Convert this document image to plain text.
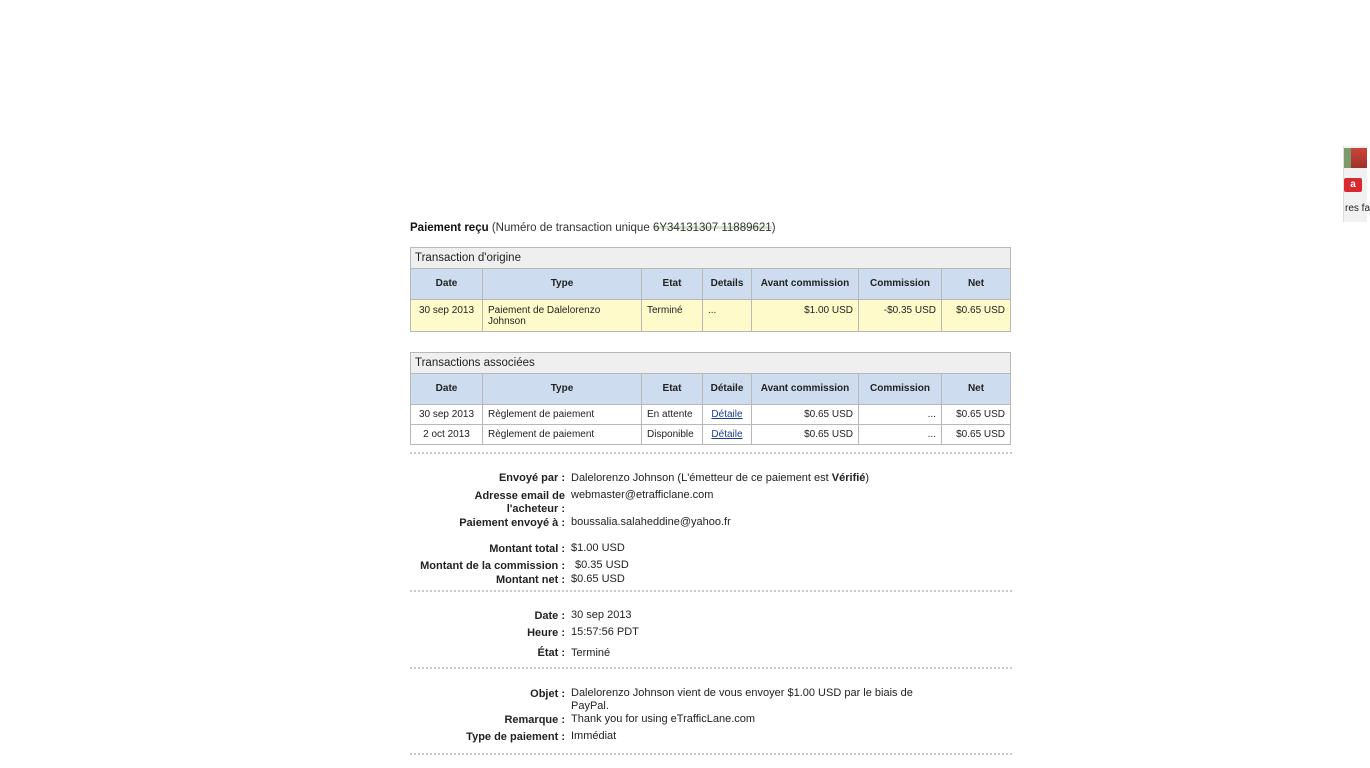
Paiement reçu (Numéro de transaction unique 6Y34131307 11889621)
Transaction d'origine						
Date	Type	Etat	Details	Avant commission	Commission	Net
30 sep 2013	Paiement de Dalelorenzo Johnson	Terminé	...	$1.00 USD	-$0.35 USD	$0.65 USD
Transactions associées						
Date	Type	Etat	Détaile	Avant commission	Commission	Net
30 sep 2013	Règlement de paiement	En attente	Détaile	$0.65 USD	...	$0.65 USD
2 oct 2013	Règlement de paiement	Disponible	Détaile	$0.65 USD	...	$0.65 USD
Envoyé par : Dalelorenzo Johnson (L'émetteur de ce paiement est Vérifié)
Adresse email de
l'acheteur :
webmaster@etrafficlane.com
Paiement envoyé à : boussalia.salaheddine@yahoo.fr
Montant total : $1.00 USD
Montant de la commission : $0.35 USD
Montant net : $0.65 USD
Date : 30 sep 2013
Heure : 15:57:56 PDT
État : Terminé
Objet : Dalelorenzo Johnson vient de vous envoyer $1.00 USD par le biais de
PayPal.
Remarque : Thank you for using eTrafficLane.com
Type de paiement : Immédiat
a
res fa
